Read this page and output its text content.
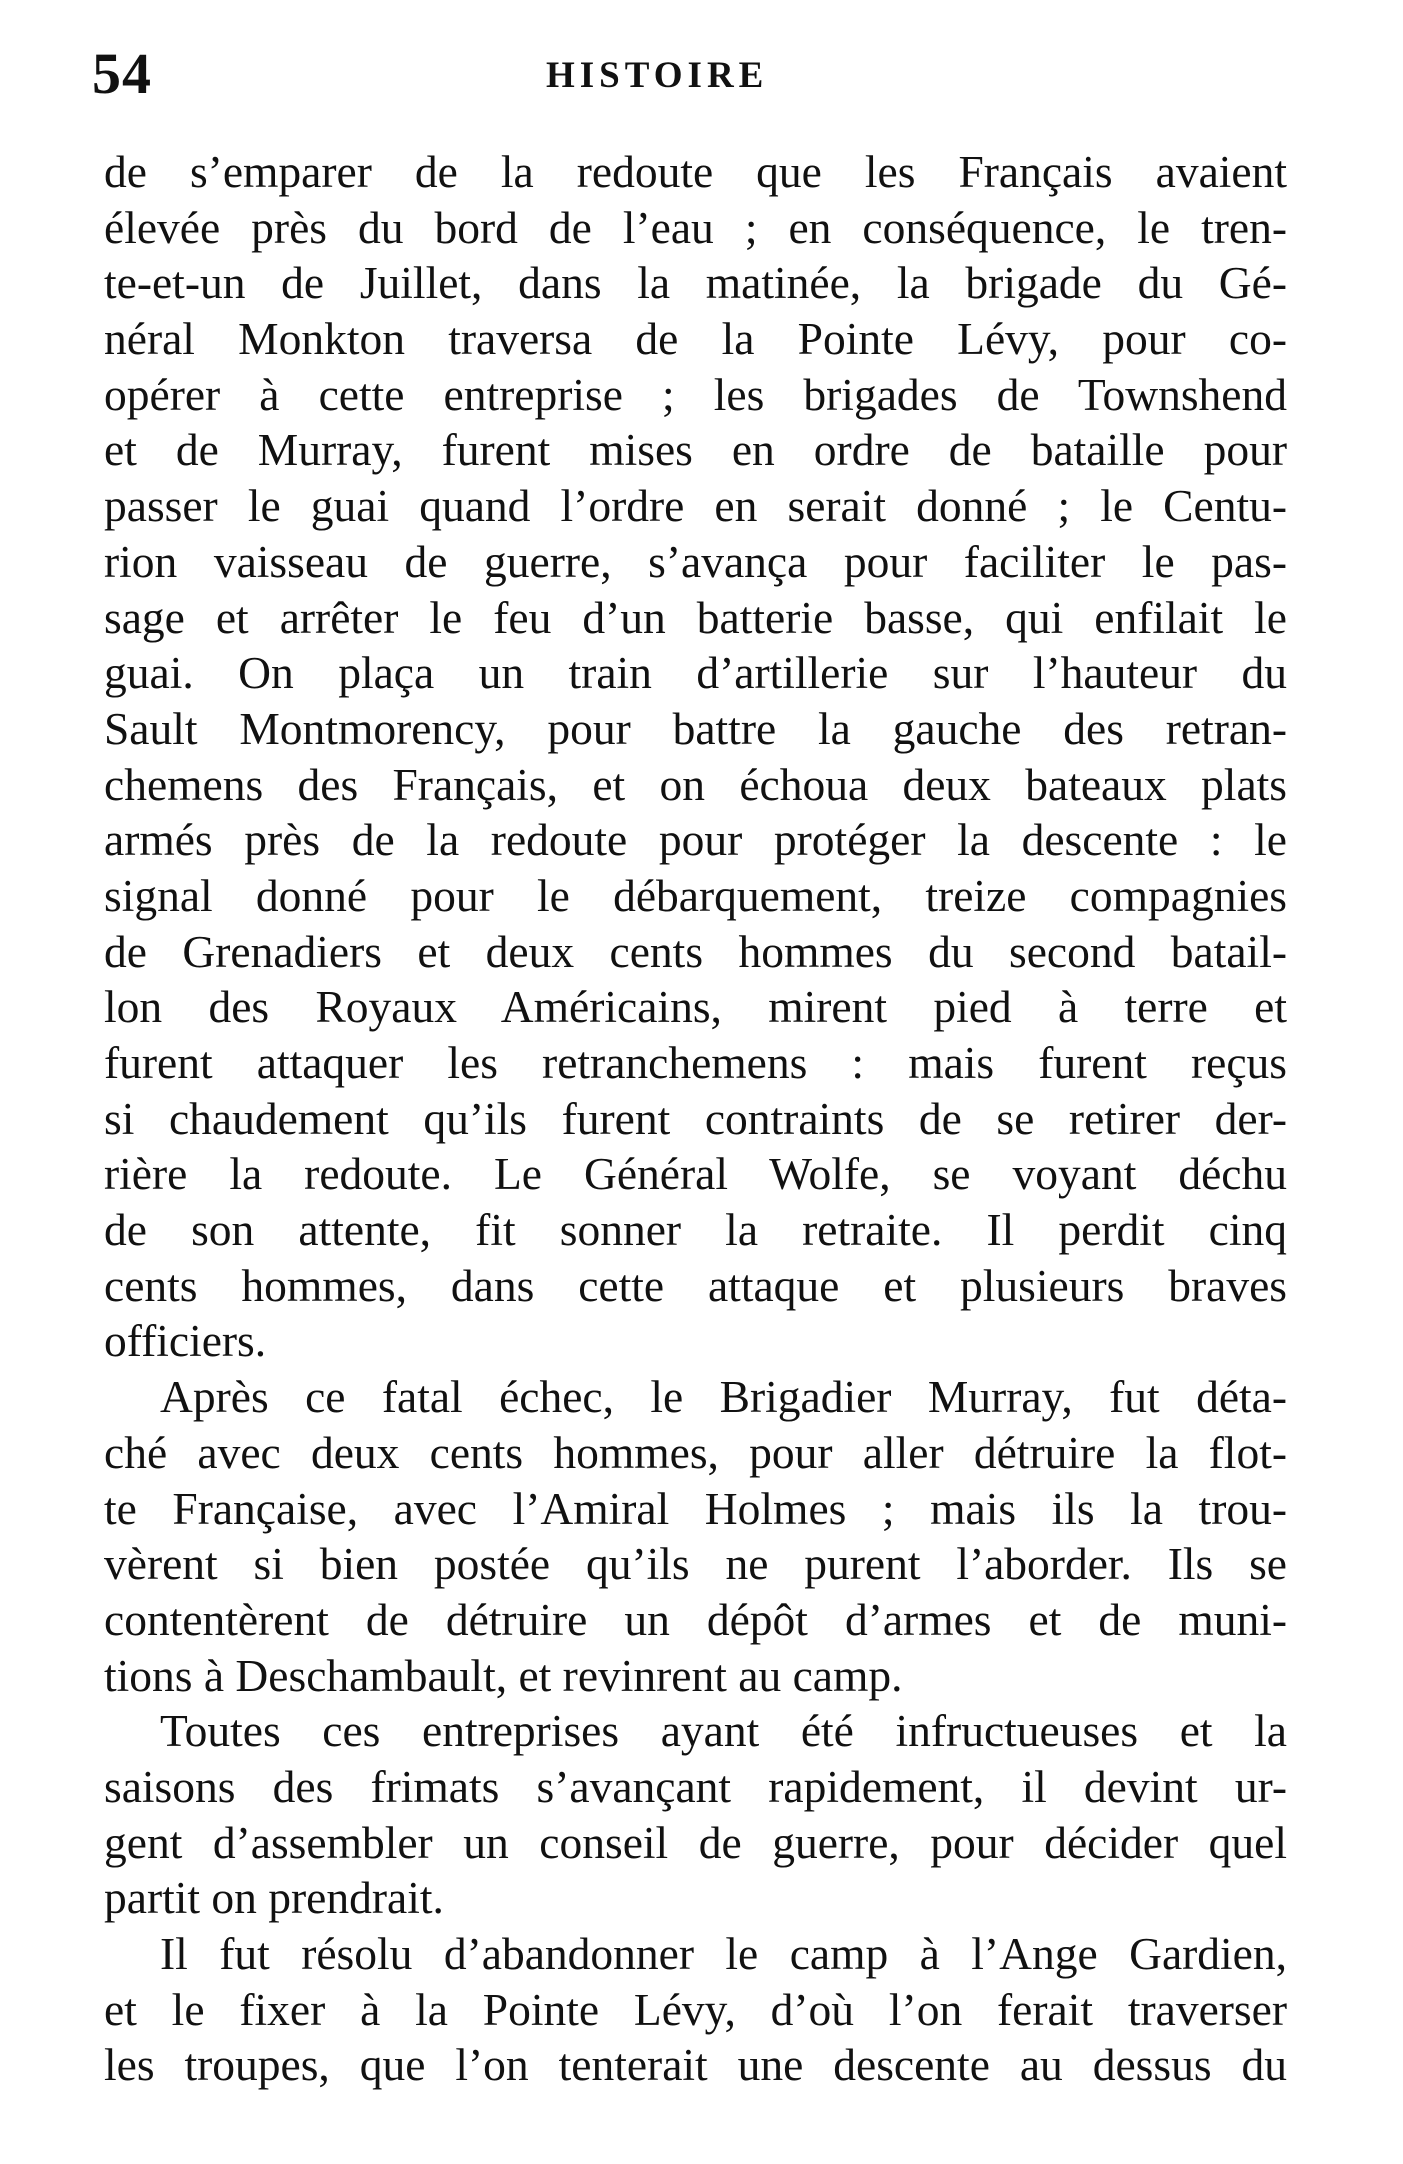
54	HISTOIRE
de s’emparer de la redoute que les Français avaient
élevée près du bord de l’eau ; en conséquence, le tren-
te-et-un de Juillet, dans la matinée, la brigade du Gé-
néral Monkton traversa de la Pointe Lévy, pour co-
opérer à cette entreprise ; les brigades de Townshend
et de Murray, furent mises en ordre de bataille pour
passer le guai quand l’ordre en serait donné ; le Centu-
rion vaisseau de guerre, s’avança pour faciliter le pas-
sage et arrêter le feu d’un batterie basse, qui enfilait le
guai. On plaça un train d’artillerie sur l’hauteur du
Sault Montmorency, pour battre la gauche des retran-
chemens des Français, et on échoua deux bateaux plats
armés près de la redoute pour protéger la descente : le
signal donné pour le débarquement, treize compagnies
de Grenadiers et deux cents hommes du second batail-
lon des Royaux Américains, mirent pied à terre et
furent attaquer les retranchemens : mais furent reçus
si chaudement qu’ils furent contraints de se retirer der-
rière la redoute. Le Général Wolfe, se voyant déchu
de son attente, fit sonner la retraite. Il perdit cinq
cents hommes, dans cette attaque et plusieurs braves
officiers.
Après ce fatal échec, le Brigadier Murray, fut déta-
ché avec deux cents hommes, pour aller détruire la flot-
te Française, avec l’Amiral Holmes ; mais ils la trou-
vèrent si bien postée qu’ils ne purent l’aborder. Ils se
contentèrent de détruire un dépôt d’armes et de muni-
tions à Deschambault, et revinrent au camp.
Toutes ces entreprises ayant été infructueuses et la
saisons des frimats s’avançant rapidement, il devint ur-
gent d’assembler un conseil de guerre, pour décider quel
partit on prendrait.
Il fut résolu d’abandonner le camp à l’Ange Gardien,
et le fixer à la Pointe Lévy, d’où l’on ferait traverser
les troupes, que l’on tenterait une descente au dessus du
